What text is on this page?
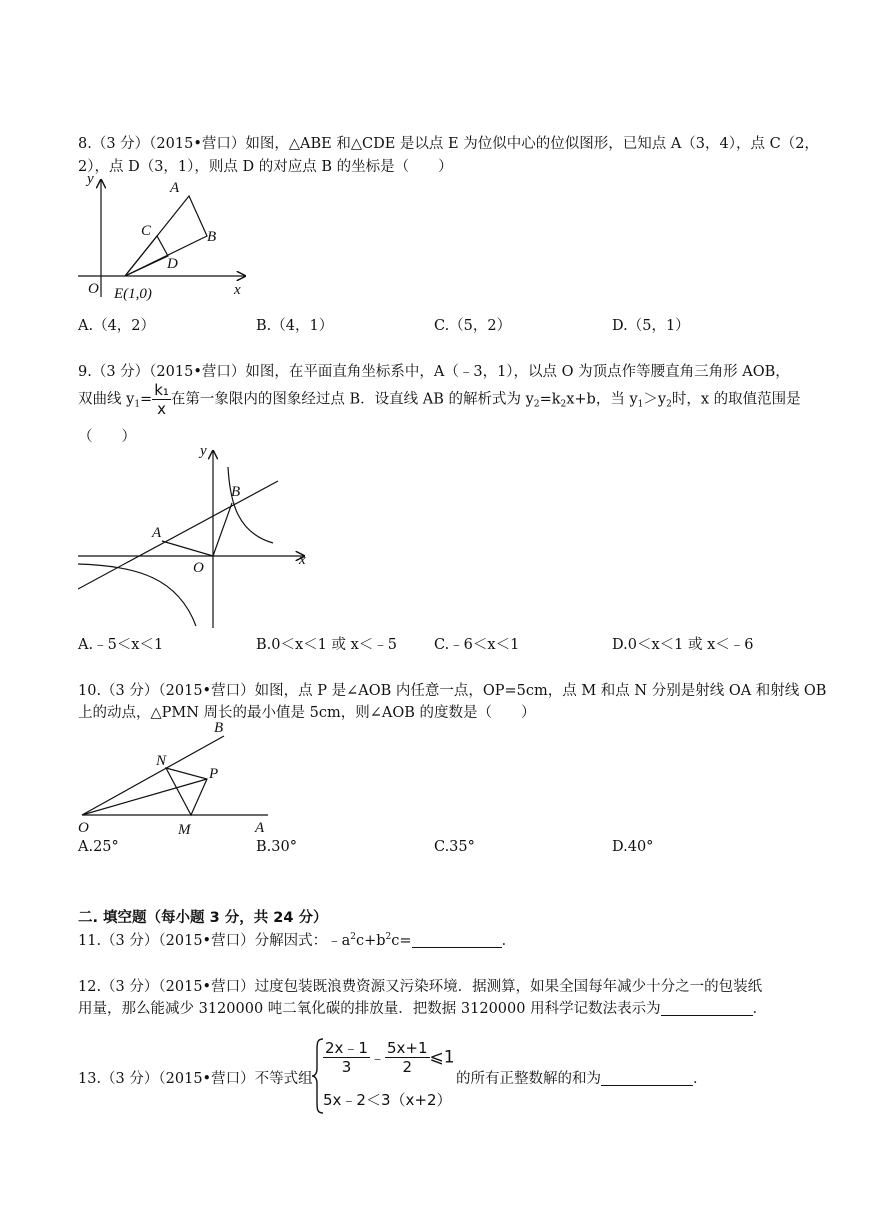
8.（3 分）（2015•营口）如图，△ABE 和△CDE 是以点 E 为位似中心的位似图形，已知点 A（3，4），点 C（2，
2），点 D（3，1），则点 D 的对应点 B 的坐标是（　　）
y
x
O E(1,0)
A
B
C
D
A.（4，2）	B.（4，1）	C.（5，2）	D.（5，1）
9.（3 分）（2015•营口）如图，在平面直角坐标系中，A（﹣3，1），以点 O 为顶点作等腰直角三角形 AOB，
双曲线 $y_1= \frac{\text{k₁}}{x}$ 在第一象限内的图象经过点 B．设直线 AB 的解析式为 $y_2=k_2x+b$，当 $y_1>y_2$时，x 的取值范围是
（　　）
y
x
O
A
B
A.﹣5＜x＜1	B.0＜x＜1 或 x＜﹣5	C.﹣6＜x＜1	D.0＜x＜1 或 x＜﹣6
10.（3 分）（2015•营口）如图，点 P 是∠AOB 内任意一点，OP=5cm，点 M 和点 N 分别是射线 OA 和射线 OB
上的动点，△PMN 周长的最小值是 5cm，则∠AOB 的度数是（　　）
B
N
P
O	M	A
A.25°	B.30°	C.35°	D.40°
二. 填空题（每小题 3 分，共 24 分）
11.（3 分）（2015•营口）分解因式：$﹣a^2c+b^2c=$	．
12.（3 分）（2015•营口）过度包装既浪费资源又污染环境．据测算，如果全国每年减少十分之一的包装纸
用量，那么能减少 3120000 吨二氧化碳的排放量．把数据 3120000 用科学记数法表示为	．
13.（3 分）（2015•营口）不等式组
$\frac{2x﹣1}{3}$ ﹣ $\frac{5x+1}{2}$ ⩽1
5x﹣2＜3（x+2）
的所有正整数解的和为	．
